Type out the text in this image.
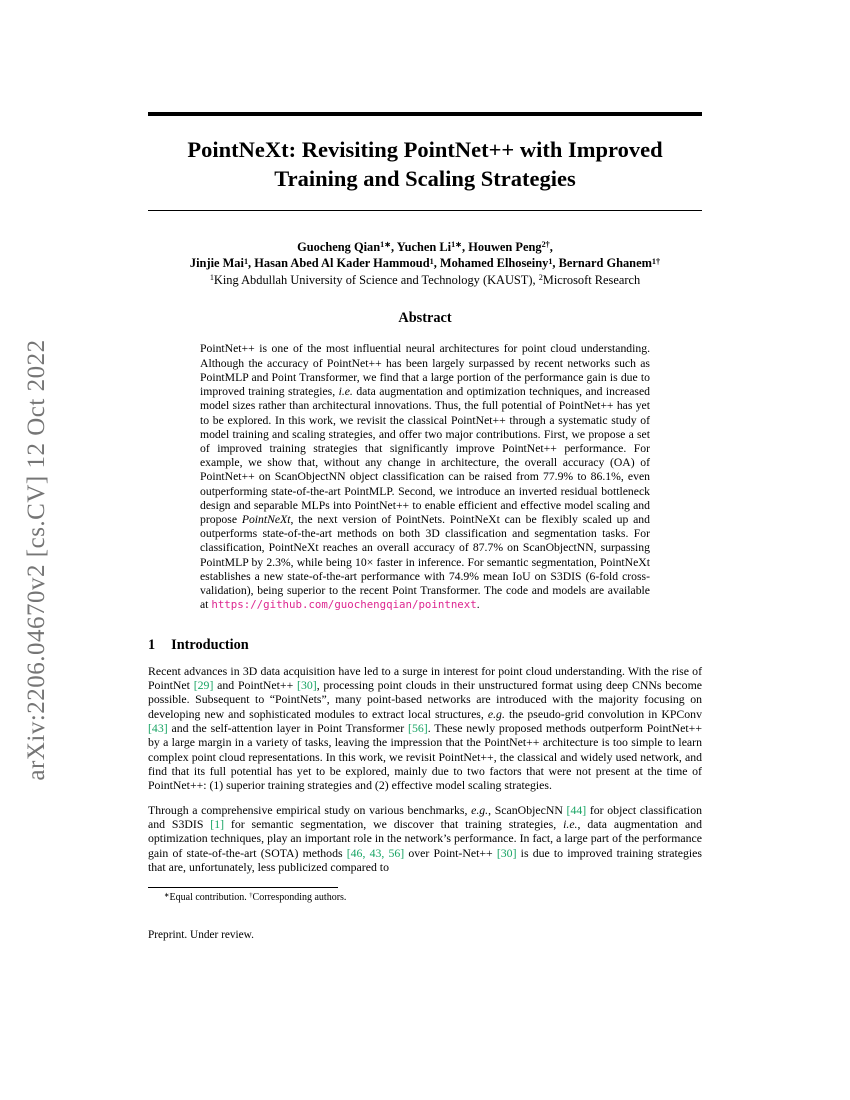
arXiv:2206.04670v2 [cs.CV] 12 Oct 2022
PointNeXt: Revisiting PointNet++ with Improved
Training and Scaling Strategies
Guocheng Qian$^{1∗}$, Yuchen $Li^{1∗}$, Houwen Peng$^{2\dagger}$,
Jinjie Mai$^1$, Hasan Abed Al Kader Hammoud$^1$, Mohamed Elhoseiny$^1$, Bernard Ghanem$^{1\dagger}$
$^1$King Abdullah University of Science and Technology (KAUST), $^2$Microsoft Research
Abstract
PointNet++ is one of the most influential neural architectures for point cloud understanding. Although the accuracy of PointNet++ has been largely surpassed by recent networks such as PointMLP and Point Transformer, we find that a large portion of the performance gain is due to improved training strategies, i.e. data augmentation and optimization techniques, and increased model sizes rather than architectural innovations. Thus, the full potential of PointNet++ has yet to be explored. In this work, we revisit the classical PointNet++ through a systematic study of model training and scaling strategies, and offer two major contributions. First, we propose a set of improved training strategies that significantly improve PointNet++ performance. For example, we show that, without any change in architecture, the overall accuracy (OA) of PointNet++ on ScanObjectNN object classification can be raised from 77.9% to 86.1%, even outperforming state-of-the-art PointMLP. Second, we introduce an inverted residual bottleneck design and separable MLPs into PointNet++ to enable efficient and effective model scaling and propose PointNeXt, the next version of PointNets. PointNeXt can be flexibly scaled up and outperforms state-of-the-art methods on both 3D classification and segmentation tasks. For classification, PointNeXt reaches an overall accuracy of 87.7% on ScanObjectNN, surpassing PointMLP by 2.3%, while being 10× faster in inference. For semantic segmentation, PointNeXt establishes a new state-of-the-art performance with 74.9% mean IoU on S3DIS (6-fold cross-validation), being superior to the recent Point Transformer. The code and models are available at https://github.com/guochengqian/pointnext.
1 Introduction

Recent advances in 3D data acquisition have led to a surge in interest for point cloud understanding. With the rise of PointNet [29] and PointNet++ [30], processing point clouds in their unstructured format using deep CNNs become possible. Subsequent to “PointNets”, many point-based networks are introduced with the majority focusing on developing new and sophisticated modules to extract local structures, e.g. the pseudo-grid convolution in KPConv [43] and the self-attention layer in Point Transformer [56]. These newly proposed methods outperform PointNet++ by a large margin in a variety of tasks, leaving the impression that the PointNet++ architecture is too simple to learn complex point cloud representations. In this work, we revisit PointNet++, the classical and widely used network, and find that its full potential has yet to be explored, mainly due to two factors that were not present at the time of PointNet++: (1) superior training strategies and (2) effective model scaling strategies.

Through a comprehensive empirical study on various benchmarks, e.g., ScanObjecNN [44] for object classification and S3DIS [1] for semantic segmentation, we discover that training strategies, i.e., data augmentation and optimization techniques, play an important role in the network’s performance. In fact, a large part of the performance gain of state-of-the-art (SOTA) methods [46, 43, 56] over Point-Net++ [30] is due to improved training strategies that are, unfortunately, less publicized compared to

∗Equal contribution. †Corresponding authors.
Preprint. Under review.
